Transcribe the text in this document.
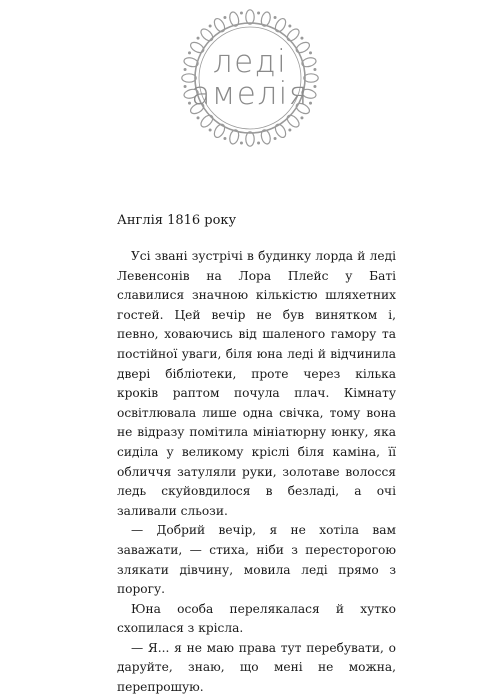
леді
амелія
Англія 1816 року

Усі звані зустрічі в будинку лорда й леді Левенсонів на Лора Плейс у Баті славилися значною кількістю шляхетних гостей. Цей вечір не був винятком і, певно, ховаючись від шаленого гамору та постійної уваги, біля юна леді й відчинила двері бібліотеки, проте через кілька кроків раптом почула плач. Кімнату освітлювала лише одна свічка, тому вона не відразу помітила мініатюрну юнку, яка сиділа у великому кріслі біля каміна, її обличчя затуляли руки, золотаве волосся ледь скуйовдилося в безладі, а очі заливали сльози.

— Добрий вечір, я не хотіла вам заважати, — стиха, ніби з пересторогою злякати дівчину, мовила леді прямо з порогу.

Юна особа перелякалася й хутко схопилася з крісла.

— Я... я не маю права тут перебувати, о даруйте, знаю, що мені не можна, перепрошую.
